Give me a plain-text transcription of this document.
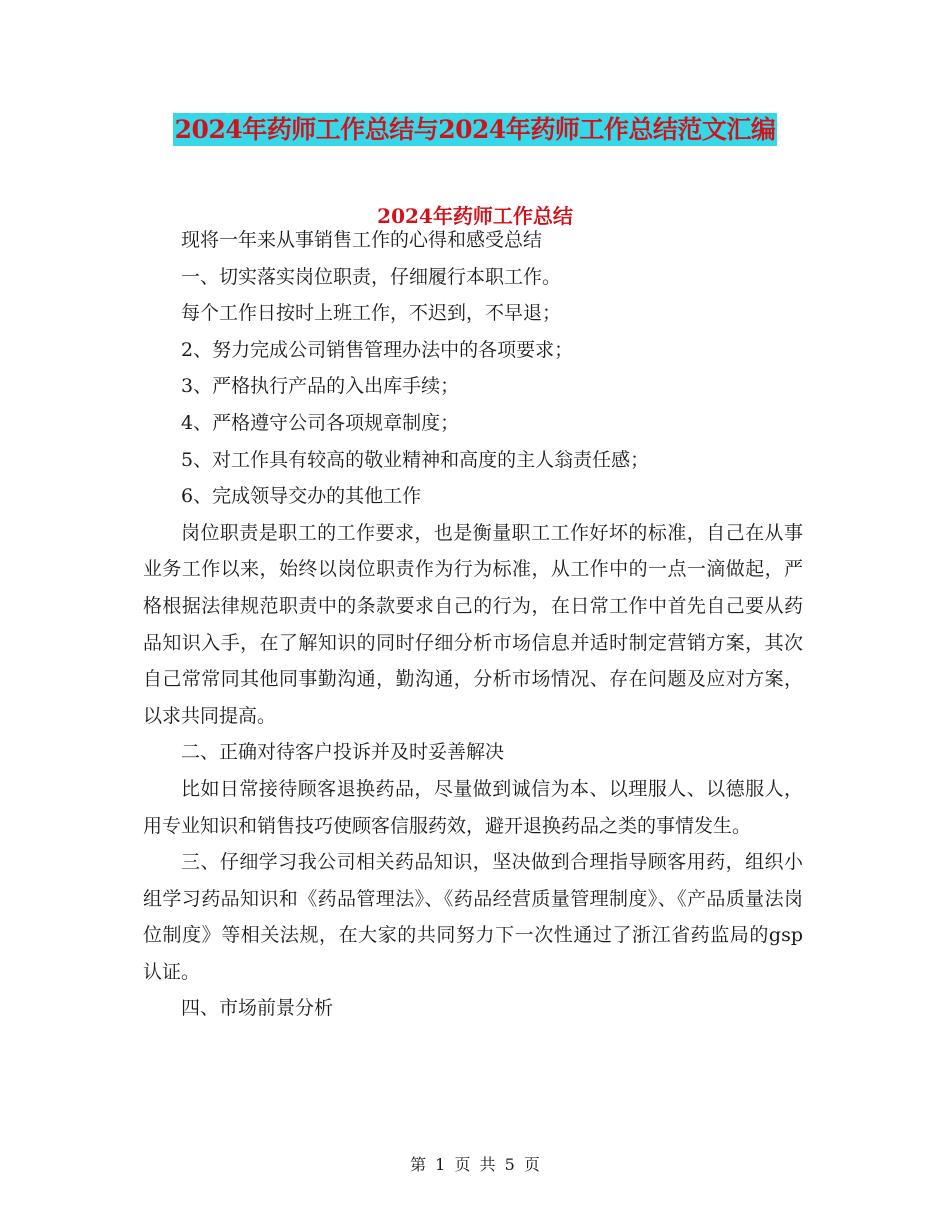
2024年药师工作总结与2024年药师工作总结范文汇编
2024年药师工作总结

现将一年来从事销售工作的心得和感受总结

一、切实落实岗位职责，仔细履行本职工作。

每个工作日按时上班工作，不迟到，不早退；

2、努力完成公司销售管理办法中的各项要求；

3、严格执行产品的入出库手续；

4、严格遵守公司各项规章制度；

5、对工作具有较高的敬业精神和高度的主人翁责任感；

6、完成领导交办的其他工作

岗位职责是职工的工作要求，也是衡量职工工作好坏的标准，自己在从事业务工作以来，始终以岗位职责作为行为标准，从工作中的一点一滴做起，严格根据法律规范职责中的条款要求自己的行为，在日常工作中首先自己要从药品知识入手，在了解知识的同时仔细分析市场信息并适时制定营销方案，其次自己常常同其他同事勤沟通，勤沟通，分析市场情况、存在问题及应对方案，以求共同提高。

二、正确对待客户投诉并及时妥善解决

比如日常接待顾客退换药品，尽量做到诚信为本、以理服人、以德服人，用专业知识和销售技巧使顾客信服药效，避开退换药品之类的事情发生。

三、仔细学习我公司相关药品知识，坚决做到合理指导顾客用药，组织小组学习药品知识和《药品管理法》、《药品经营质量管理制度》、《产品质量法岗位制度》等相关法规，在大家的共同努力下一次性通过了浙江省药监局的gsp认证。

四、市场前景分析

第 1 页 共 5 页
